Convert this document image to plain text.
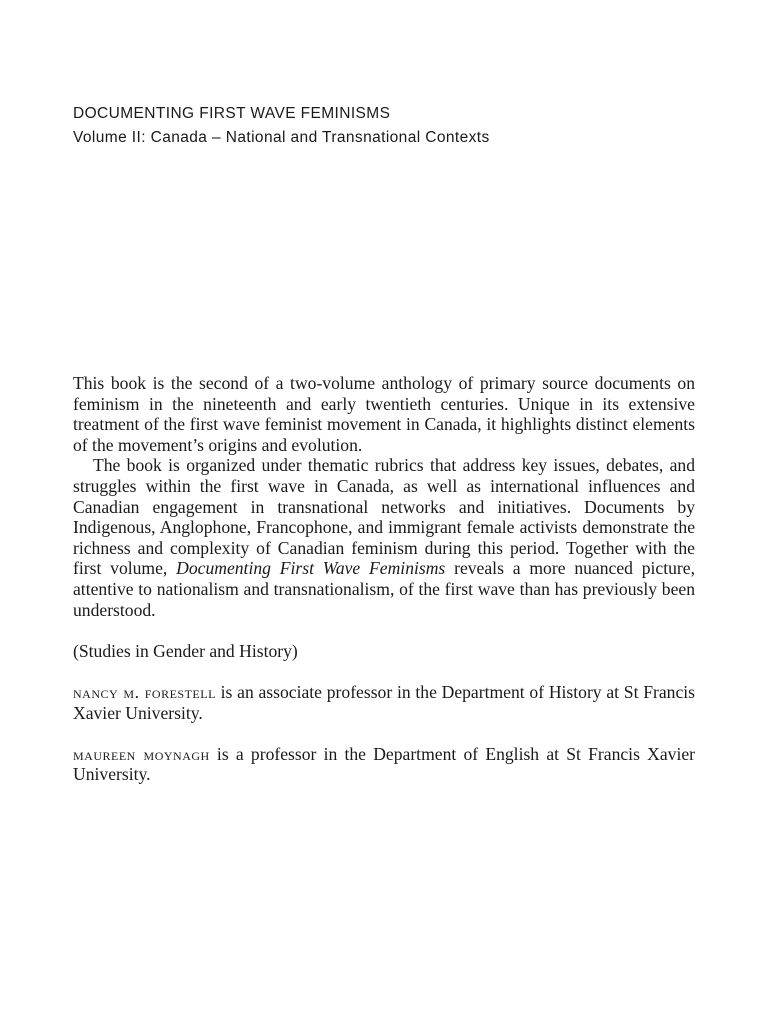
DOCUMENTING FIRST WAVE FEMINISMS
Volume II: Canada – National and Transnational Contexts

This book is the second of a two-volume anthology of primary source documents on feminism in the nineteenth and early twentieth centuries. Unique in its extensive treatment of the first wave feminist movement in Canada, it highlights distinct elements of the movement’s origins and evolution.

The book is organized under thematic rubrics that address key issues, debates, and struggles within the first wave in Canada, as well as international influences and Canadian engagement in transnational networks and initiatives. Documents by Indigenous, Anglophone, Francophone, and immigrant female activists demonstrate the richness and complexity of Canadian feminism during this period. Together with the first volume, Documenting First Wave Feminisms reveals a more nuanced picture, attentive to nationalism and transnationalism, of the first wave than has previously been understood.

(Studies in Gender and History)

nancy m. forestell is an associate professor in the Department of History at St Francis Xavier University.

maureen moynagh is a professor in the Department of English at St Francis Xavier University.
